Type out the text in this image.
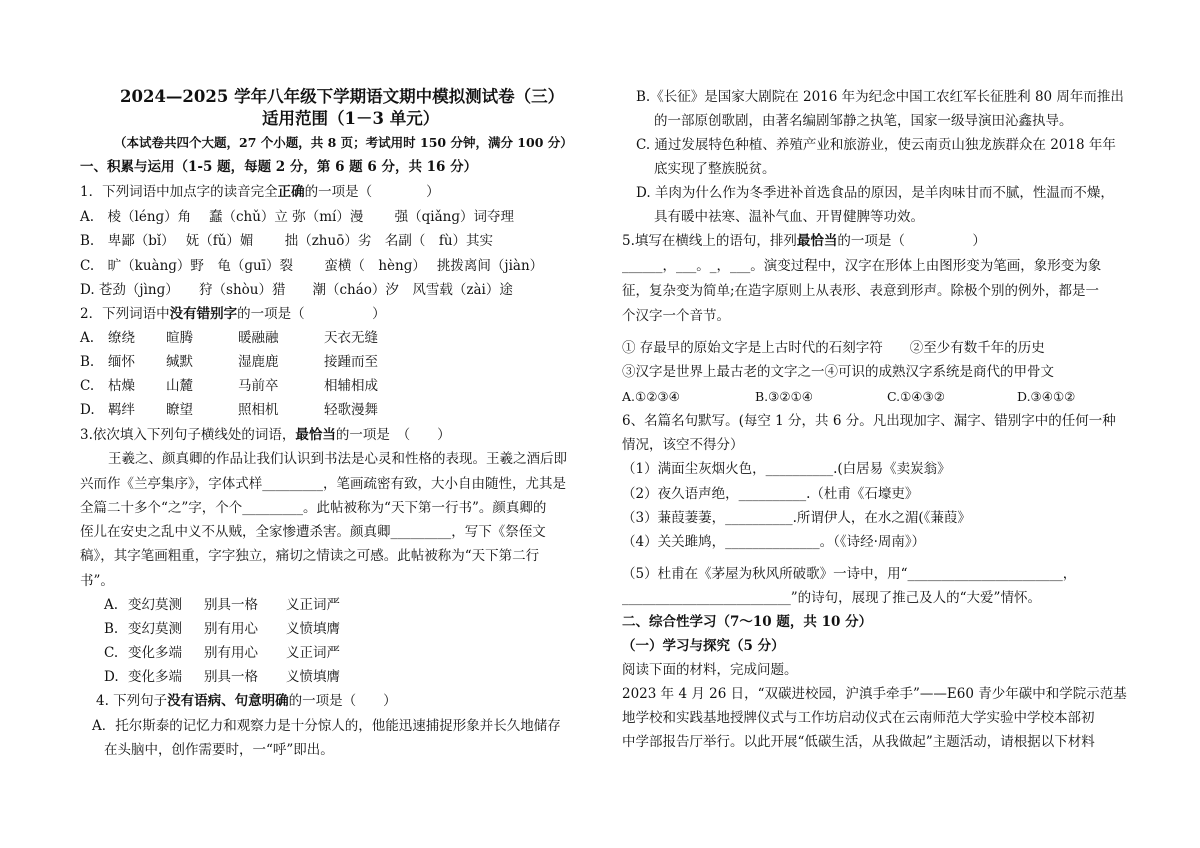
2024—2025 学年八年级下学期语文期中模拟测试卷（三）
适用范围（1－3 单元）
（本试卷共四个大题，27 个小题，共 8 页；考试用时 150 分钟，满分 100 分）
一、积累与运用（1-5 题，每题 2 分，第 6 题 6 分，共 16 分）
1．下列词语中加点字的读音完全正确的一项是（　　　　）
A.　棱（lénɡ）角　 蠢（chǔ）立 弥（mí）漫　　 强（qiǎnɡ）词夺理
B.　卑鄙（bǐ）　 妩（fǔ）媚　　 拙（zhuō）劣　名副（　fù）其实
C.　旷（kuànɡ）野　龟（ɡuī）裂　　 蛮横（　hènɡ）　 挑拨离间（jiàn）
D. 苍劲（jìnɡ）　　狩（shòu）猎　　潮（cháo）汐　风雪载（zài）途
2．下列词语中没有错别字的一项是（　　　　　）
A. 缭绕 暄腾	暖融融	天衣无缝
B. 缅怀 缄默	湿鹿鹿	接踵而至
C. 枯燥 山麓	马前卒	相辅相成
D. 羁绊 瞭望	照相机	轻歌漫舞
3.依次填入下列句子横线处的词语，最恰当的一项是　（　　）
王羲之、颜真卿的作品让我们认识到书法是心灵和性格的表现。王羲之酒后即
兴而作《兰亭集序》，字体式样_________，笔画疏密有致，大小自由随性，尤其是
全篇二十多个“之”字，个个_________。此帖被称为“天下第一行书”。颜真卿的
侄儿在安史之乱中义不从贼，全家惨遭杀害。颜真卿_________，写下《祭侄文
稿》，其字笔画粗重，字字独立，痛切之情读之可感。此帖被称为“天下第二行
书”。
A. 变幻莫测 别具一格 义正词严
B. 变幻莫测 别有用心 义愤填膺
C. 变化多端 别有用心 义正词严
D. 变化多端 别具一格 义愤填膺
4. 下列句子没有语病、句意明确的一项是（　　）
A．托尔斯泰的记忆力和观察力是十分惊人的，他能迅速捕捉形象并长久地储存
在头脑中，创作需要时，一“呼”即出。
B.《长征》是国家大剧院在 2016 年为纪念中国工农红军长征胜利 80 周年而推出
的一部原创歌剧，由著名编剧邹静之执笔，国家一级导演田沁鑫执导。
C. 通过发展特色种植、养殖产业和旅游业，使云南贡山独龙族群众在 2018 年年
底实现了整族脱贫。
D. 羊肉为什么作为冬季进补首选食品的原因，是羊肉味甘而不腻，性温而不燥，
具有暖中祛寒、温补气血、开胃健脾等功效。
5.填写在横线上的语句，排列最恰当的一项是（　　　　　）
______，___。_，___。演变过程中，汉字在形体上由图形变为笔画，象形变为象
征，复杂变为简单;在造字原则上从表形、表意到形声。除极个别的例外，都是一
个汉字一个音节。
① 存最早的原始文字是上古时代的石刻字符　　②至少有数千年的历史
③汉字是世界上最古老的文字之一④可识的成熟汉字系统是商代的甲骨文
A.①②③④	B.③②①④	C.①④③②	D.③④①②
6、名篇名句默写。(每空 1 分，共 6 分。凡出现加字、漏字、错别字中的任何一种
情况，该空不得分）
（1）满面尘灰烟火色，__________.(白居易《卖炭翁》
（2）夜久语声绝，__________.（杜甫《石壕吏》
（3）蒹葭萋萋，__________.所谓伊人，在水之湄(《蒹葭》
（4）关关雎鸠，______________。（《诗经·周南》）
（5）杜甫在《茅屋为秋风所破歌》一诗中，用“_______________________，
_________________________”的诗句，展现了推己及人的“大爱”情怀。
二、综合性学习（7～10 题，共 10 分）
（一）学习与探究（5 分）
阅读下面的材料，完成问题。
2023 年 4 月 26 日，“双碳进校园，沪滇手牵手”——E60 青少年碳中和学院示范基
地学校和实践基地授牌仪式与工作坊启动仪式在云南师范大学实验中学校本部初
中学部报告厅举行。以此开展“低碳生活，从我做起”主题活动，请根据以下材料
